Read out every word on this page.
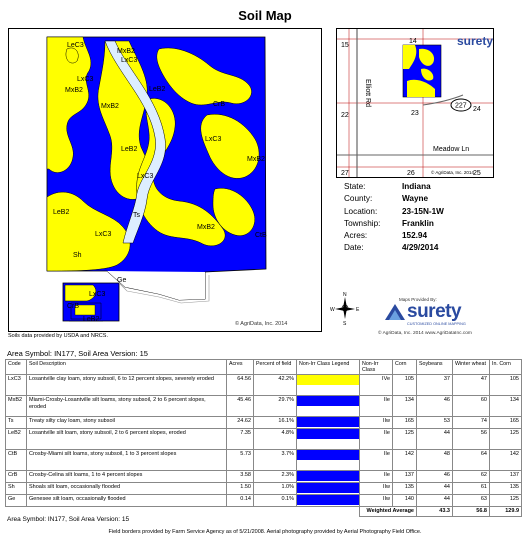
Soil Map
LeC3
MxB2
LxC3
LxC3
MxB2	LeB2
MxB2	CrB
LeB2
LxC3
MxB2
LxC3
LeB2	Ts
MxB2
LxC3	CtB
Sh
Ge
LxC3
CrB
LeB2
© AgriData, Inc. 2014
227
15
14
22	23
24
27	26	25
Elliott Rd
Meadow Ln
surety
© AgriData, Inc. 2014
State:	Indiana
County:	Wayne
Location:	23-15N-1W
Township:	Franklin
Acres:	152.94
Date:	4/29/2014
N
S
W	E
Maps Provided By:
surety
CUSTOMIZED ONLINE MAPPING
© AgriData, Inc. 2014 www.AgriDataInc.com
Soils data provided by USDA and NRCS.
Area Symbol: IN177, Soil Area Version: 15
Code	Soil Description	Acres	Percent of field	Non-Irr Class Legend	Non-Irr Class	Corn	Soybeans	Winter wheat	In. Corn
LxC3	Losantville clay loam, stony subsoil, 6 to 12 percent slopes, severely eroded	64.56	42.2%		IVe	105	37	47	105
MxB2	Miami-Crosby-Losantville silt loams, stony subsoil, 2 to 6 percent slopes, eroded	45.46	29.7%		IIe	134	46	60	134
Ts	Treaty silty clay loam, stony subsoil	24.62	16.1%		IIw	165	53	74	165
LeB2	Losantville silt loam, stony subsoil, 2 to 6 percent slopes, eroded	7.35	4.8%		IIe	125	44	56	125
CtB	Crosby-Miami silt loams, stony subsoil, 1 to 3 percent slopes	5.73	3.7%		IIe	142	48	64	142
CrB	Crosby-Celina silt loams, 1 to 4 percent slopes	3.58	2.3%		IIe	137	46	62	137
Sh	Shoals silt loam, occasionally flooded	1.50	1.0%		IIw	135	44	61	135
Ge	Genesee silt loam, occasionally flooded	0.14	0.1%		IIw	140	44	63	125
					Weighted Average		43.3	56.8	129.9
Area Symbol: IN177, Soil Area Version: 15
Field borders provided by Farm Service Agency as of 5/21/2008. Aerial photography provided by Aerial Photography Field Office.
